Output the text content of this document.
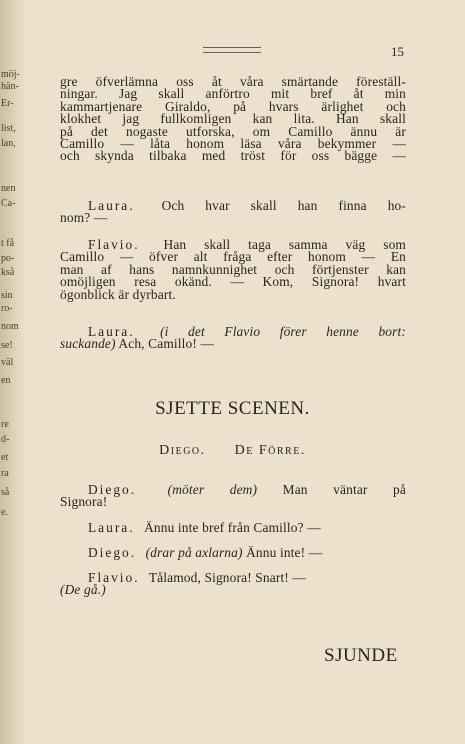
möj-
hän-
Er-
list,
lan,
nen
Ca-
t få
po-
kså
sin
ro-
nom
se!
väl
en
re
d-
et
ra
så
e.
15
gre öfverlämna oss åt våra smärtande föreställ-
ningar. Jag skall anförtro mit bref åt min
kammartjenare Giraldo, på hvars ärlighet och
klokhet jag fullkomligen kan lita. Han skall
på det nogaste utforska, om Camillo ännu är
Camillo — låta honom läsa våra bekymmer —
och skynda tilbaka med tröst för oss bägge —
Laura. Och hvar skall han finna ho-
nom? —
Flavio. Han skall taga samma väg som
Camillo — öfver alt fråga efter honom — En
man af hans namnkunnighet och förtjenster kan
omöjligen resa okänd. — Kom, Signora! hvart
ögonblick är dyrbart.
Laura. (i det Flavio förer henne bort:
suckande) Ach, Camillo! —
SJETTE SCENEN.
Diego. De Förre.
Diego. (möter dem) Man väntar på
Signora!
Laura. Ännu inte bref från Camillo? —
Diego. (drar på axlarna) Ännu inte! —
Flavio. Tålamod, Signora! Snart! —
(De gå.)
SJUNDE
